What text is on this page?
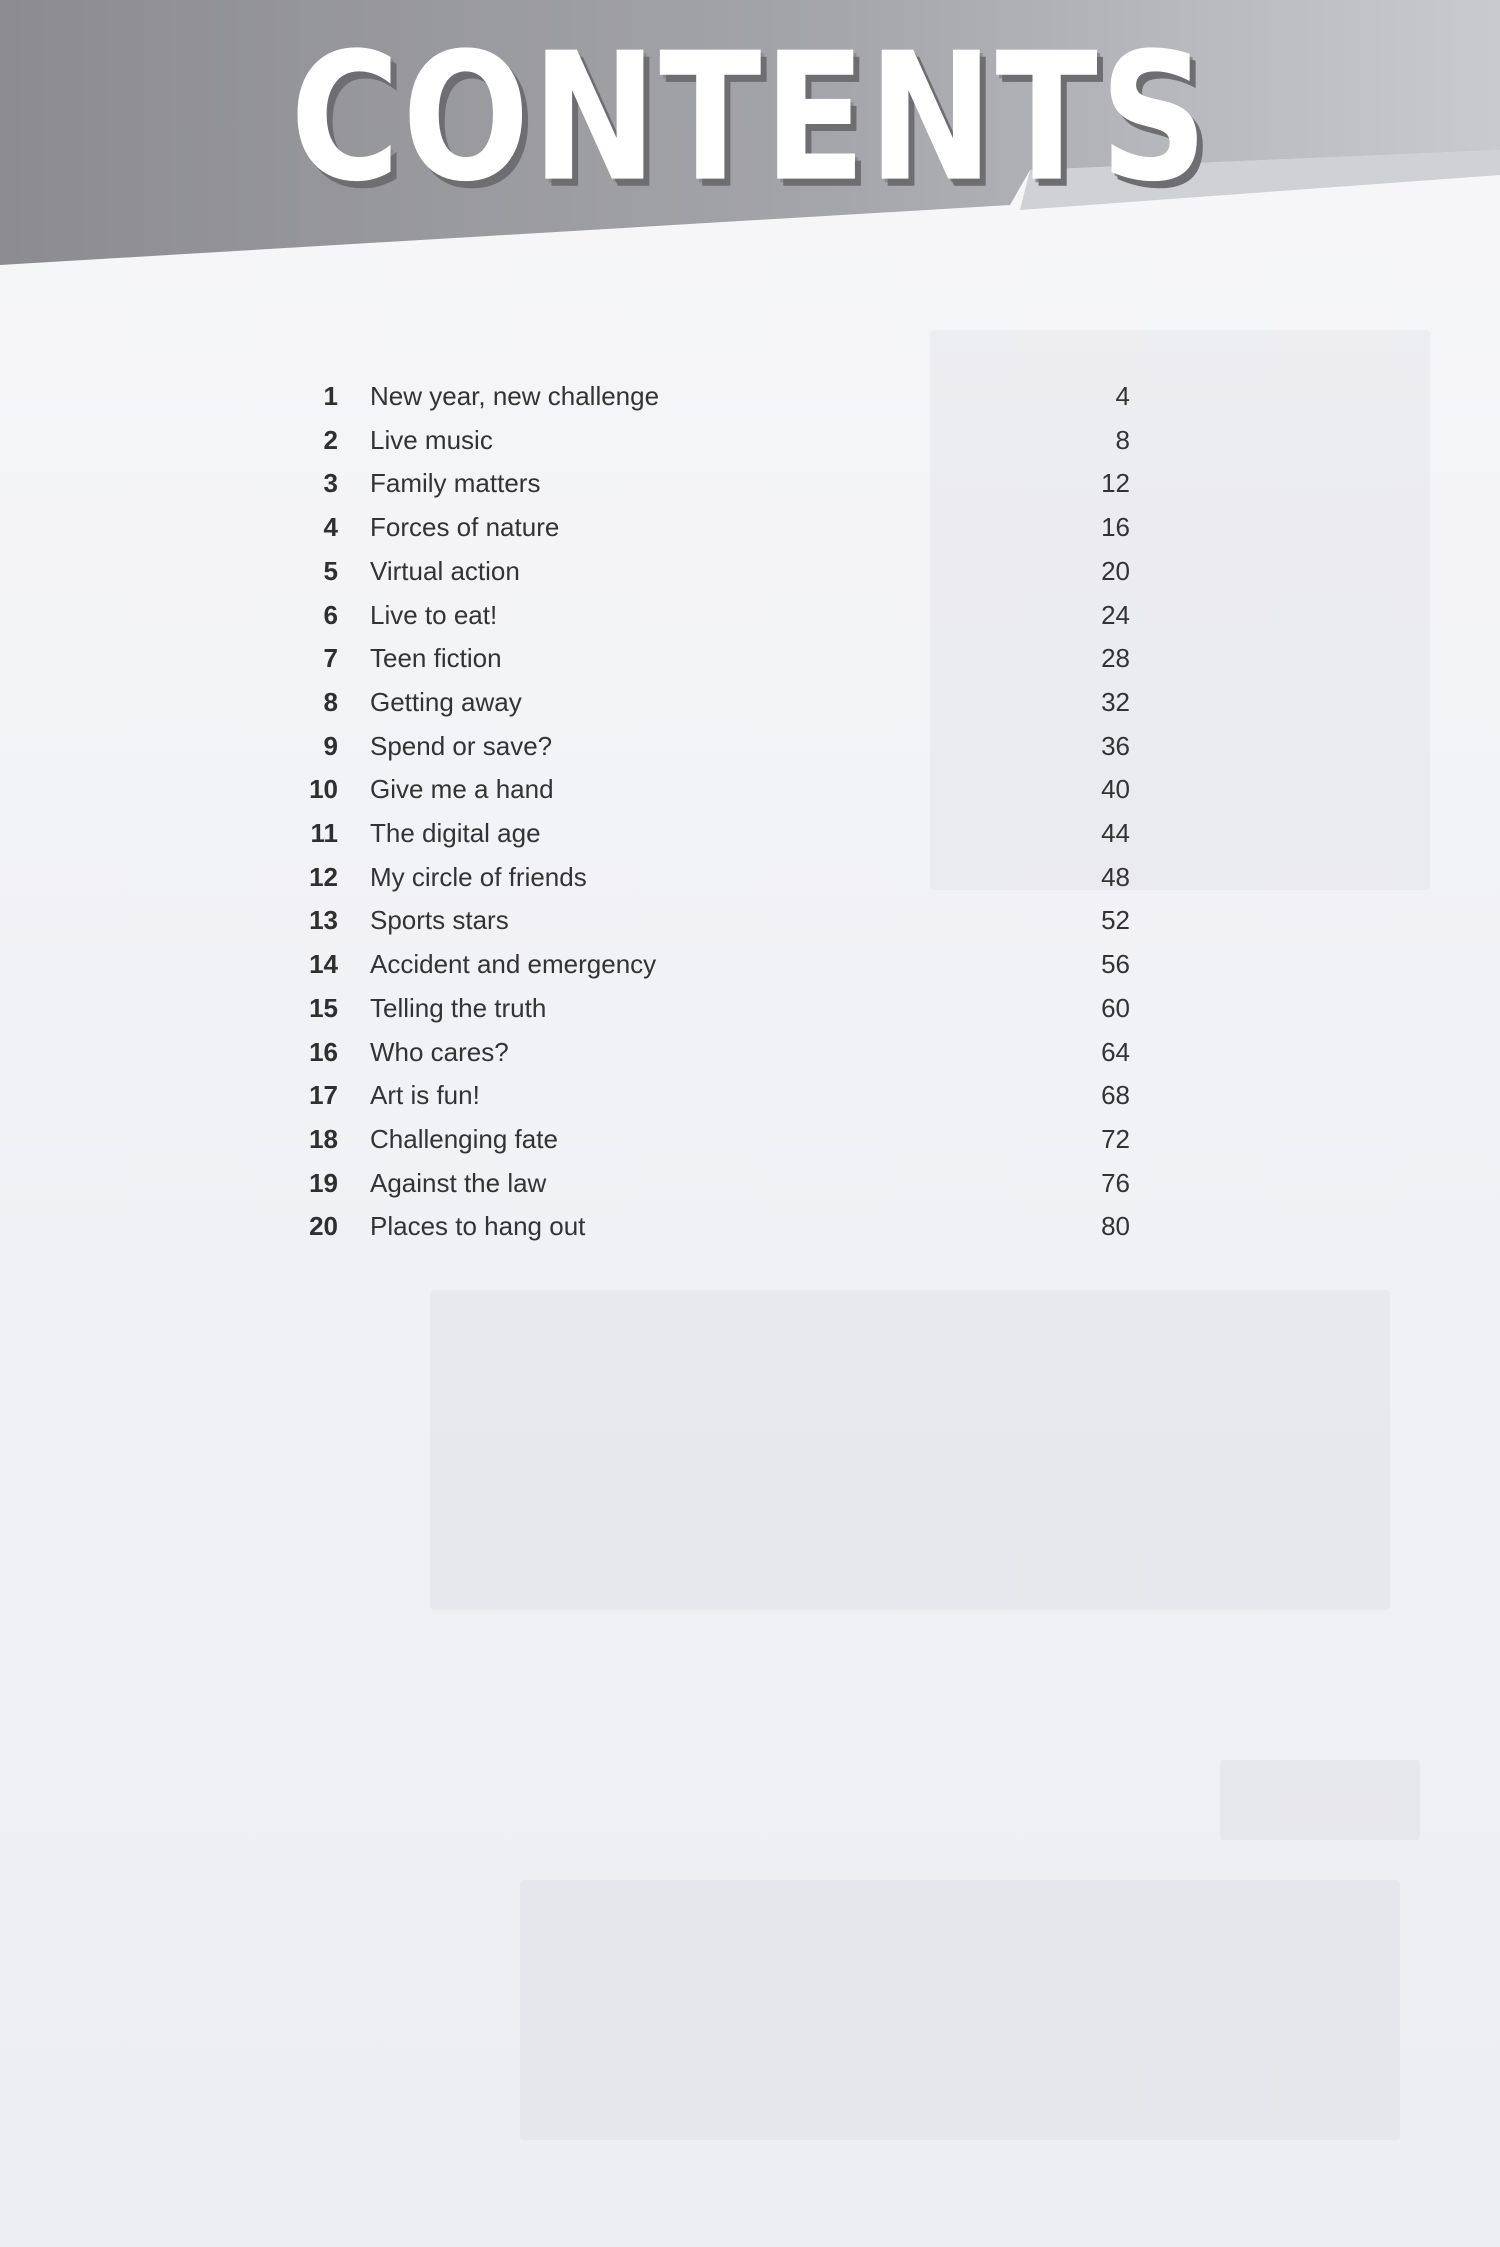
CONTENTS
1 New year, new challenge	4
2 Live music	8
3 Family matters	12
4 Forces of nature	16
5 Virtual action	20
6 Live to eat!	24
7 Teen fiction	28
8 Getting away	32
9 Spend or save?	36
10 Give me a hand	40
11 The digital age	44
12 My circle of friends	48
13 Sports stars	52
14 Accident and emergency	56
15 Telling the truth	60
16 Who cares?	64
17 Art is fun!	68
18 Challenging fate	72
19 Against the law	76
20 Places to hang out	80
